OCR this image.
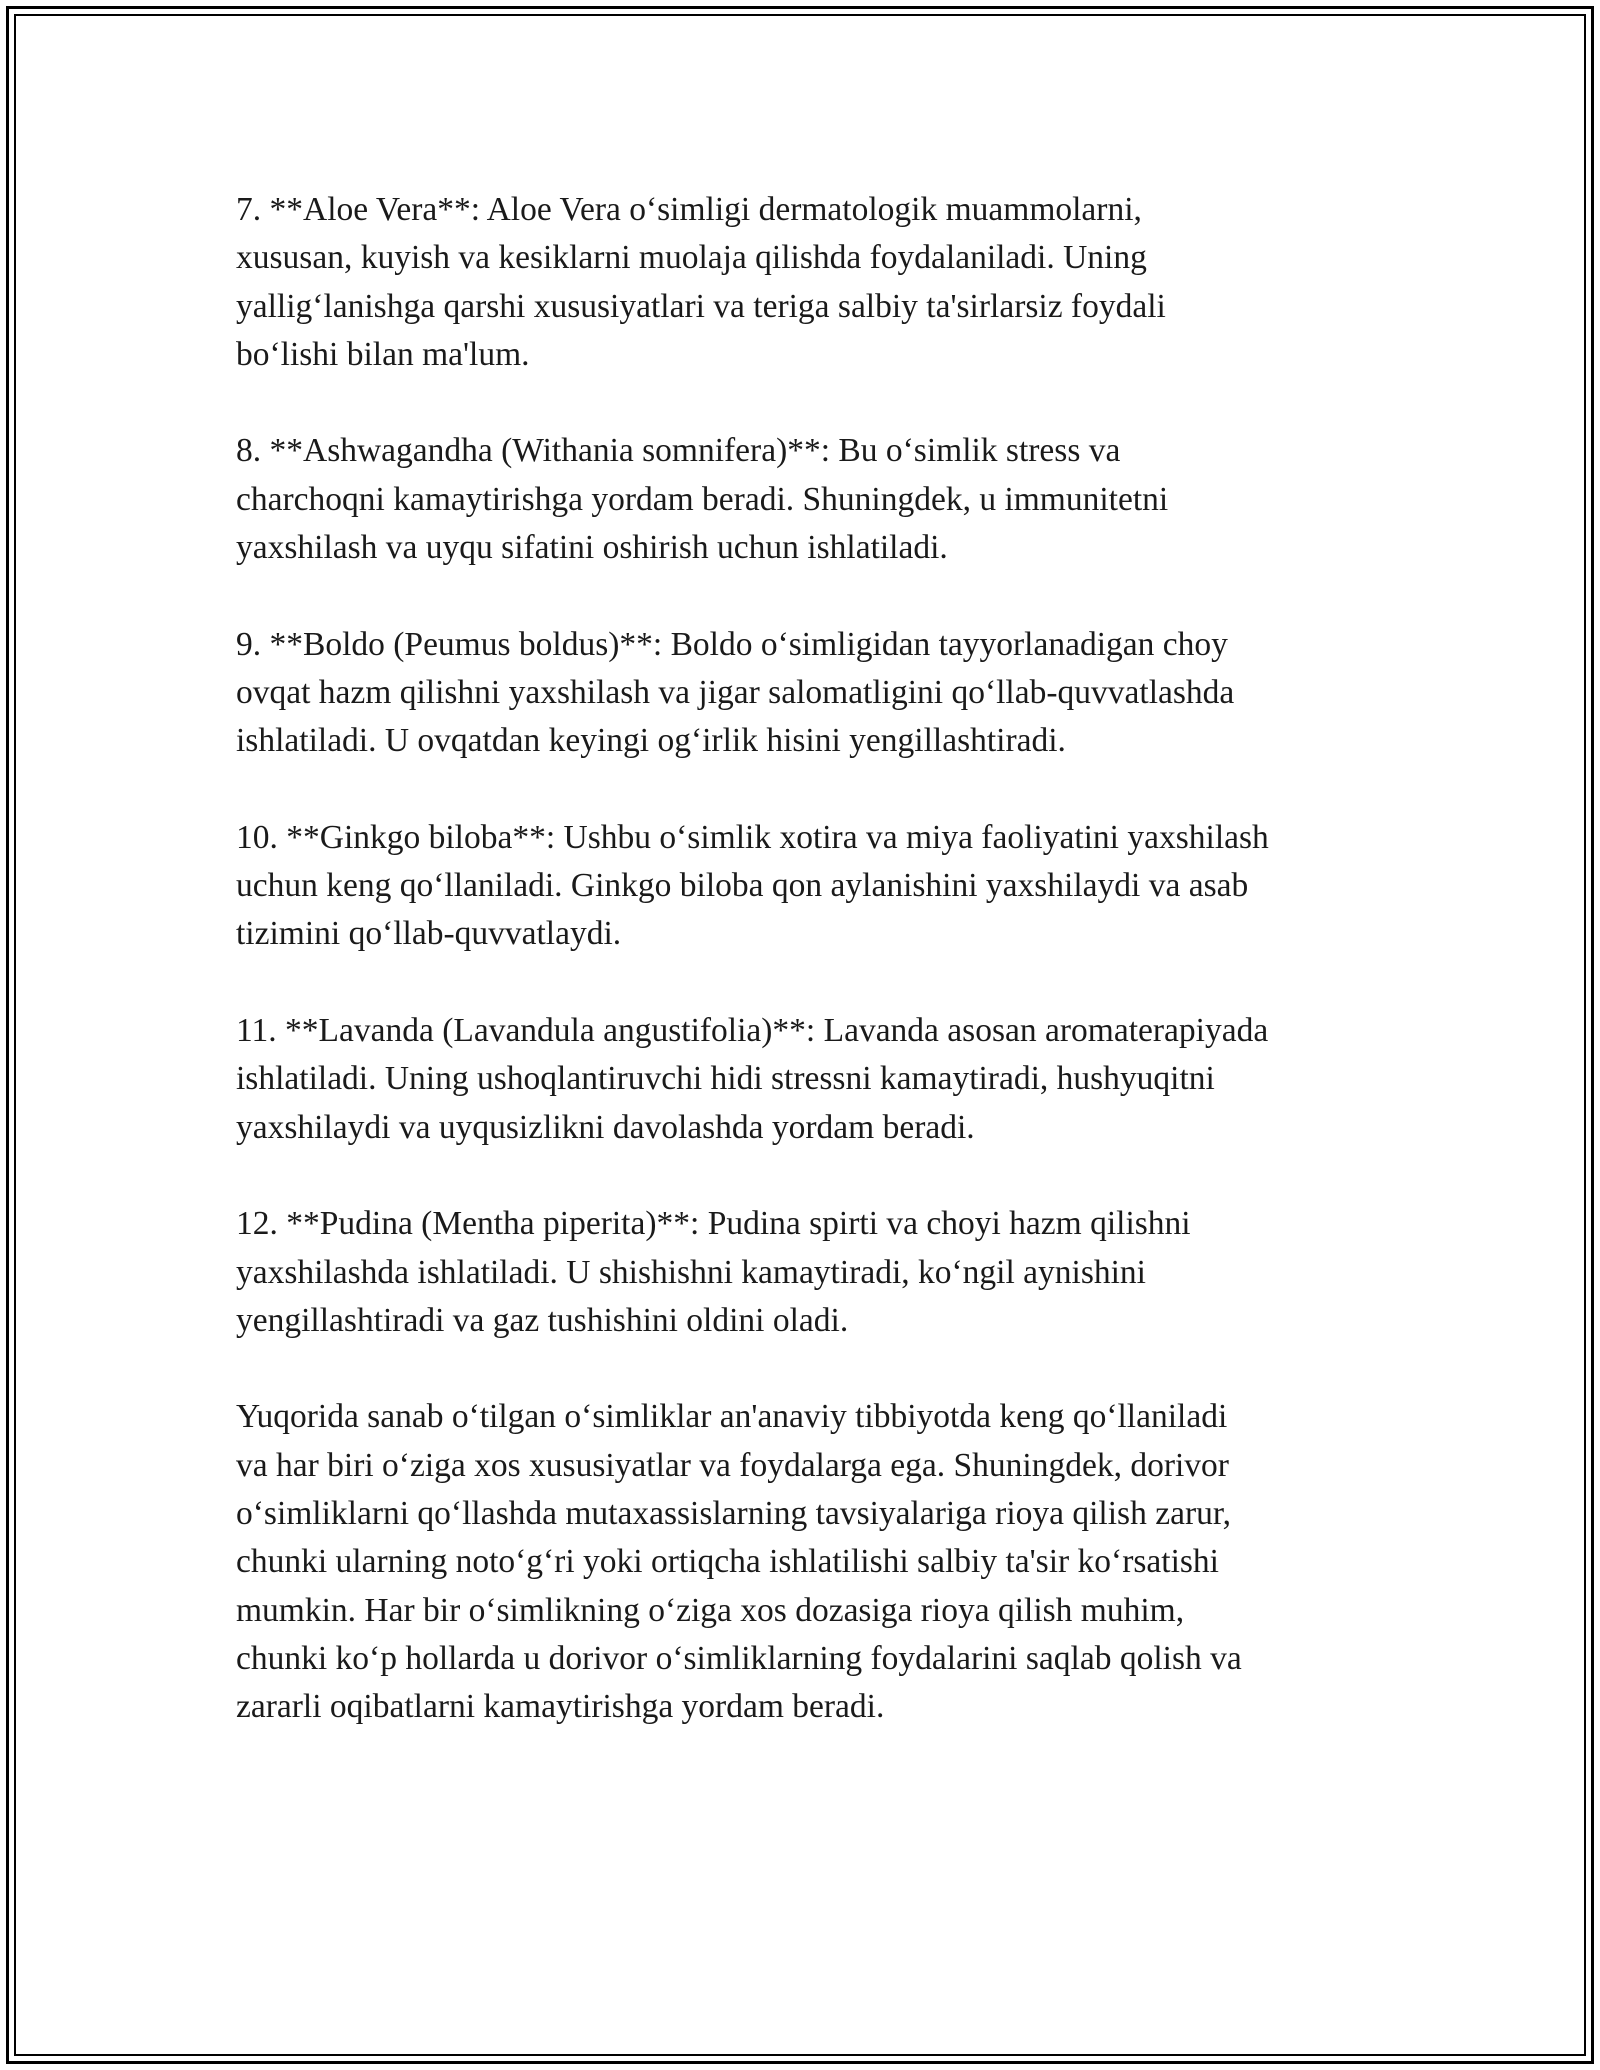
7. **Aloe Vera**: Aloe Vera o‘simligi dermatologik muammolarni,
xususan, kuyish va kesiklarni muolaja qilishda foydalaniladi. Uning
yallig‘lanishga qarshi xususiyatlari va teriga salbiy ta'sirlarsiz foydali
bo‘lishi bilan ma'lum.

8. **Ashwagandha (Withania somnifera)**: Bu o‘simlik stress va
charchoqni kamaytirishga yordam beradi. Shuningdek, u immunitetni
yaxshilash va uyqu sifatini oshirish uchun ishlatiladi.

9. **Boldo (Peumus boldus)**: Boldo o‘simligidan tayyorlanadigan choy
ovqat hazm qilishni yaxshilash va jigar salomatligini qo‘llab-quvvatlashda
ishlatiladi. U ovqatdan keyingi og‘irlik hisini yengillashtiradi.

10. **Ginkgo biloba**: Ushbu o‘simlik xotira va miya faoliyatini yaxshilash
uchun keng qo‘llaniladi. Ginkgo biloba qon aylanishini yaxshilaydi va asab
tizimini qo‘llab-quvvatlaydi.

11. **Lavanda (Lavandula angustifolia)**: Lavanda asosan aromaterapiyada
ishlatiladi. Uning ushoqlantiruvchi hidi stressni kamaytiradi, hushyuqitni
yaxshilaydi va uyqusizlikni davolashda yordam beradi.

12. **Pudina (Mentha piperita)**: Pudina spirti va choyi hazm qilishni
yaxshilashda ishlatiladi. U shishishni kamaytiradi, ko‘ngil aynishini
yengillashtiradi va gaz tushishini oldini oladi.

Yuqorida sanab o‘tilgan o‘simliklar an'anaviy tibbiyotda keng qo‘llaniladi
va har biri o‘ziga xos xususiyatlar va foydalarga ega. Shuningdek, dorivor
o‘simliklarni qo‘llashda mutaxassislarning tavsiyalariga rioya qilish zarur,
chunki ularning noto‘g‘ri yoki ortiqcha ishlatilishi salbiy ta'sir ko‘rsatishi
mumkin. Har bir o‘simlikning o‘ziga xos dozasiga rioya qilish muhim,
chunki ko‘p hollarda u dorivor o‘simliklarning foydalarini saqlab qolish va
zararli oqibatlarni kamaytirishga yordam beradi.
